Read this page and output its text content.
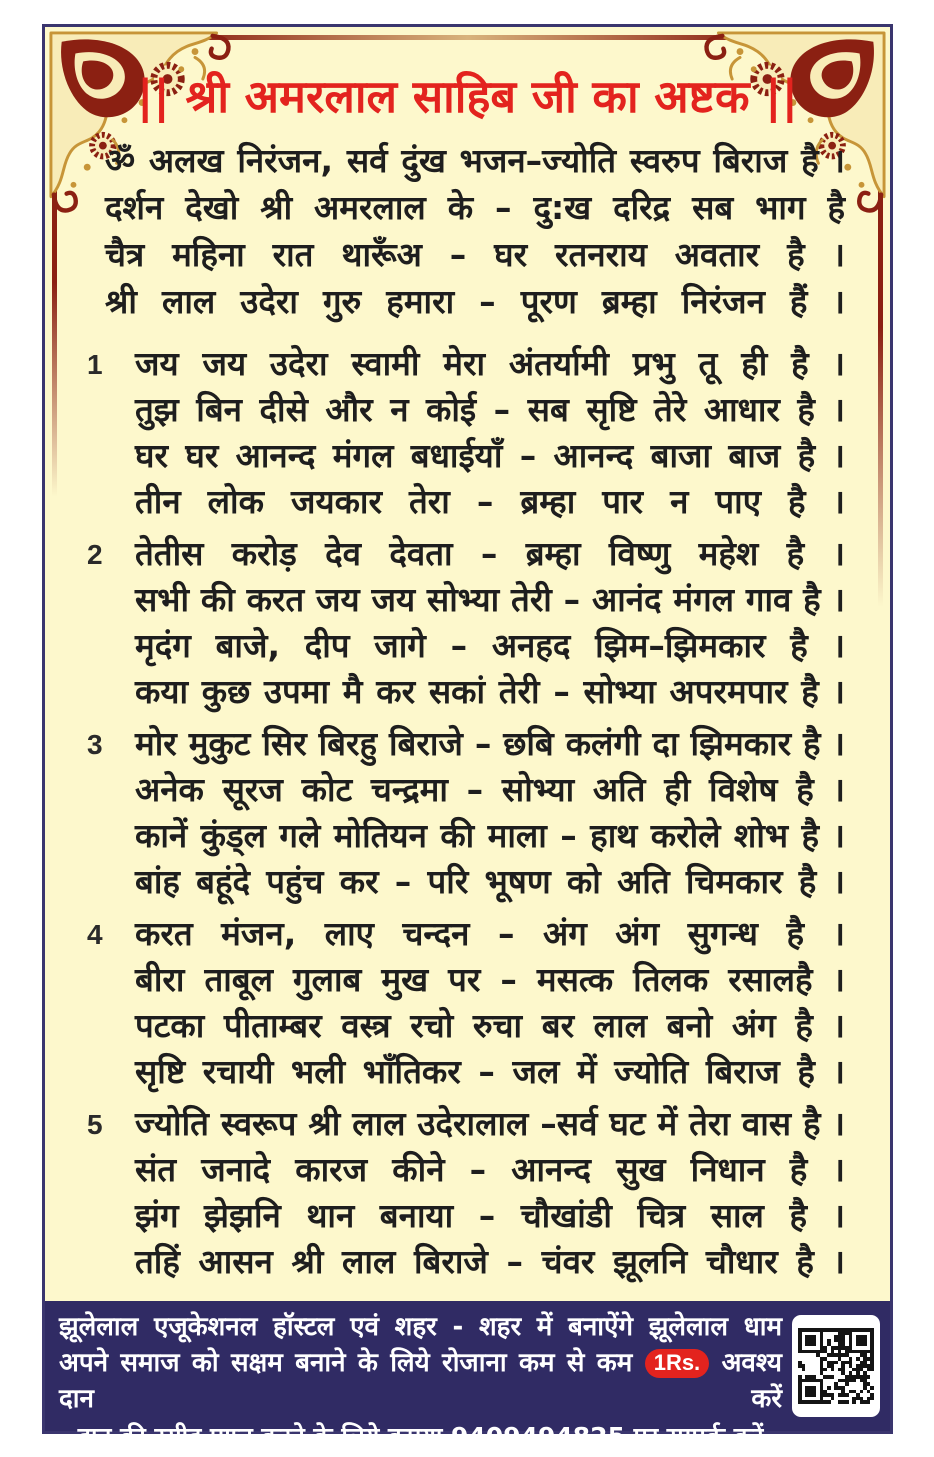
|| श्री अमरलाल साहिब जी का अष्टक ||
ॐ अलख निरंजन, सर्व दुंख भजन–ज्योति स्वरुप बिराज है ।
दर्शन देखो श्री अमरलाल के – दु:ख दरिद्र सब भाग है
चैत्र महिना रात थारूँअ – घर रतनराय अवतार है ।
श्री लाल उदेरा गुरु हमारा – पूरण ब्रम्हा निरंजन हैं ।
1 जय जय उदेरा स्वामी मेरा अंतर्यामी प्रभु तू ही है ।
तुझ बिन दीसे और न कोई – सब सृष्टि तेरे आधार है ।
घर घर आनन्द मंगल बधाईयाँ – आनन्द बाजा बाज है ।
तीन लोक जयकार तेरा – ब्रम्हा पार न पाए है ।
2 तेतीस करोड़ देव देवता – ब्रम्हा विष्णु महेश है ।
सभी की करत जय जय सोभ्या तेरी – आनंद मंगल गाव है ।
मृदंग बाजे, दीप जागे – अनहद झिम–झिमकार है ।
कया कुछ उपमा मै कर सकां तेरी – सोभ्या अपरमपार है ।
3 मोर मुकुट सिर बिरहु बिराजे – छबि कलंगी दा झिमकार है ।
अनेक सूरज कोट चन्द्रमा – सोभ्या अति ही विशेष है ।
कानें कुंड्ल गले मोतियन की माला – हाथ करोले शोभ है ।
बांह बहूंदे पहुंच कर – परि भूषण को अति चिमकार है ।
4 करत मंजन, लाए चन्दन – अंग अंग सुगन्ध है ।
बीरा ताबूल गुलाब मुख पर – मसत्क तिलक रसालहै ।
पटका पीताम्बर वस्त्र रचो रुचा बर लाल बनो अंग है ।
सृष्टि रचायी भली भाँतिकर – जल में ज्योति बिराज है ।
5 ज्योति स्वरूप श्री लाल उदेरालाल –सर्व घट में तेरा वास है ।
संत जनादे कारज कीने – आनन्द सुख निधान है ।
झंग झेझनि थान बनाया – चौखांडी चित्र साल है ।
तहिं आसन श्री लाल बिराजे – चंवर झूलनि चौधार है ।
झूलेलाल एजूकेशनल हॉस्टल एवं शहर - शहर में बनाऐंगे झूलेलाल धाम
अपने समाज को सक्षम बनाने के लिये रोजाना कम से कम 1Rs. अवश्य दान करें
दान की रसीद प्राप्त करने के लिये कृपया 9409494825 पर सम्पर्क करें
